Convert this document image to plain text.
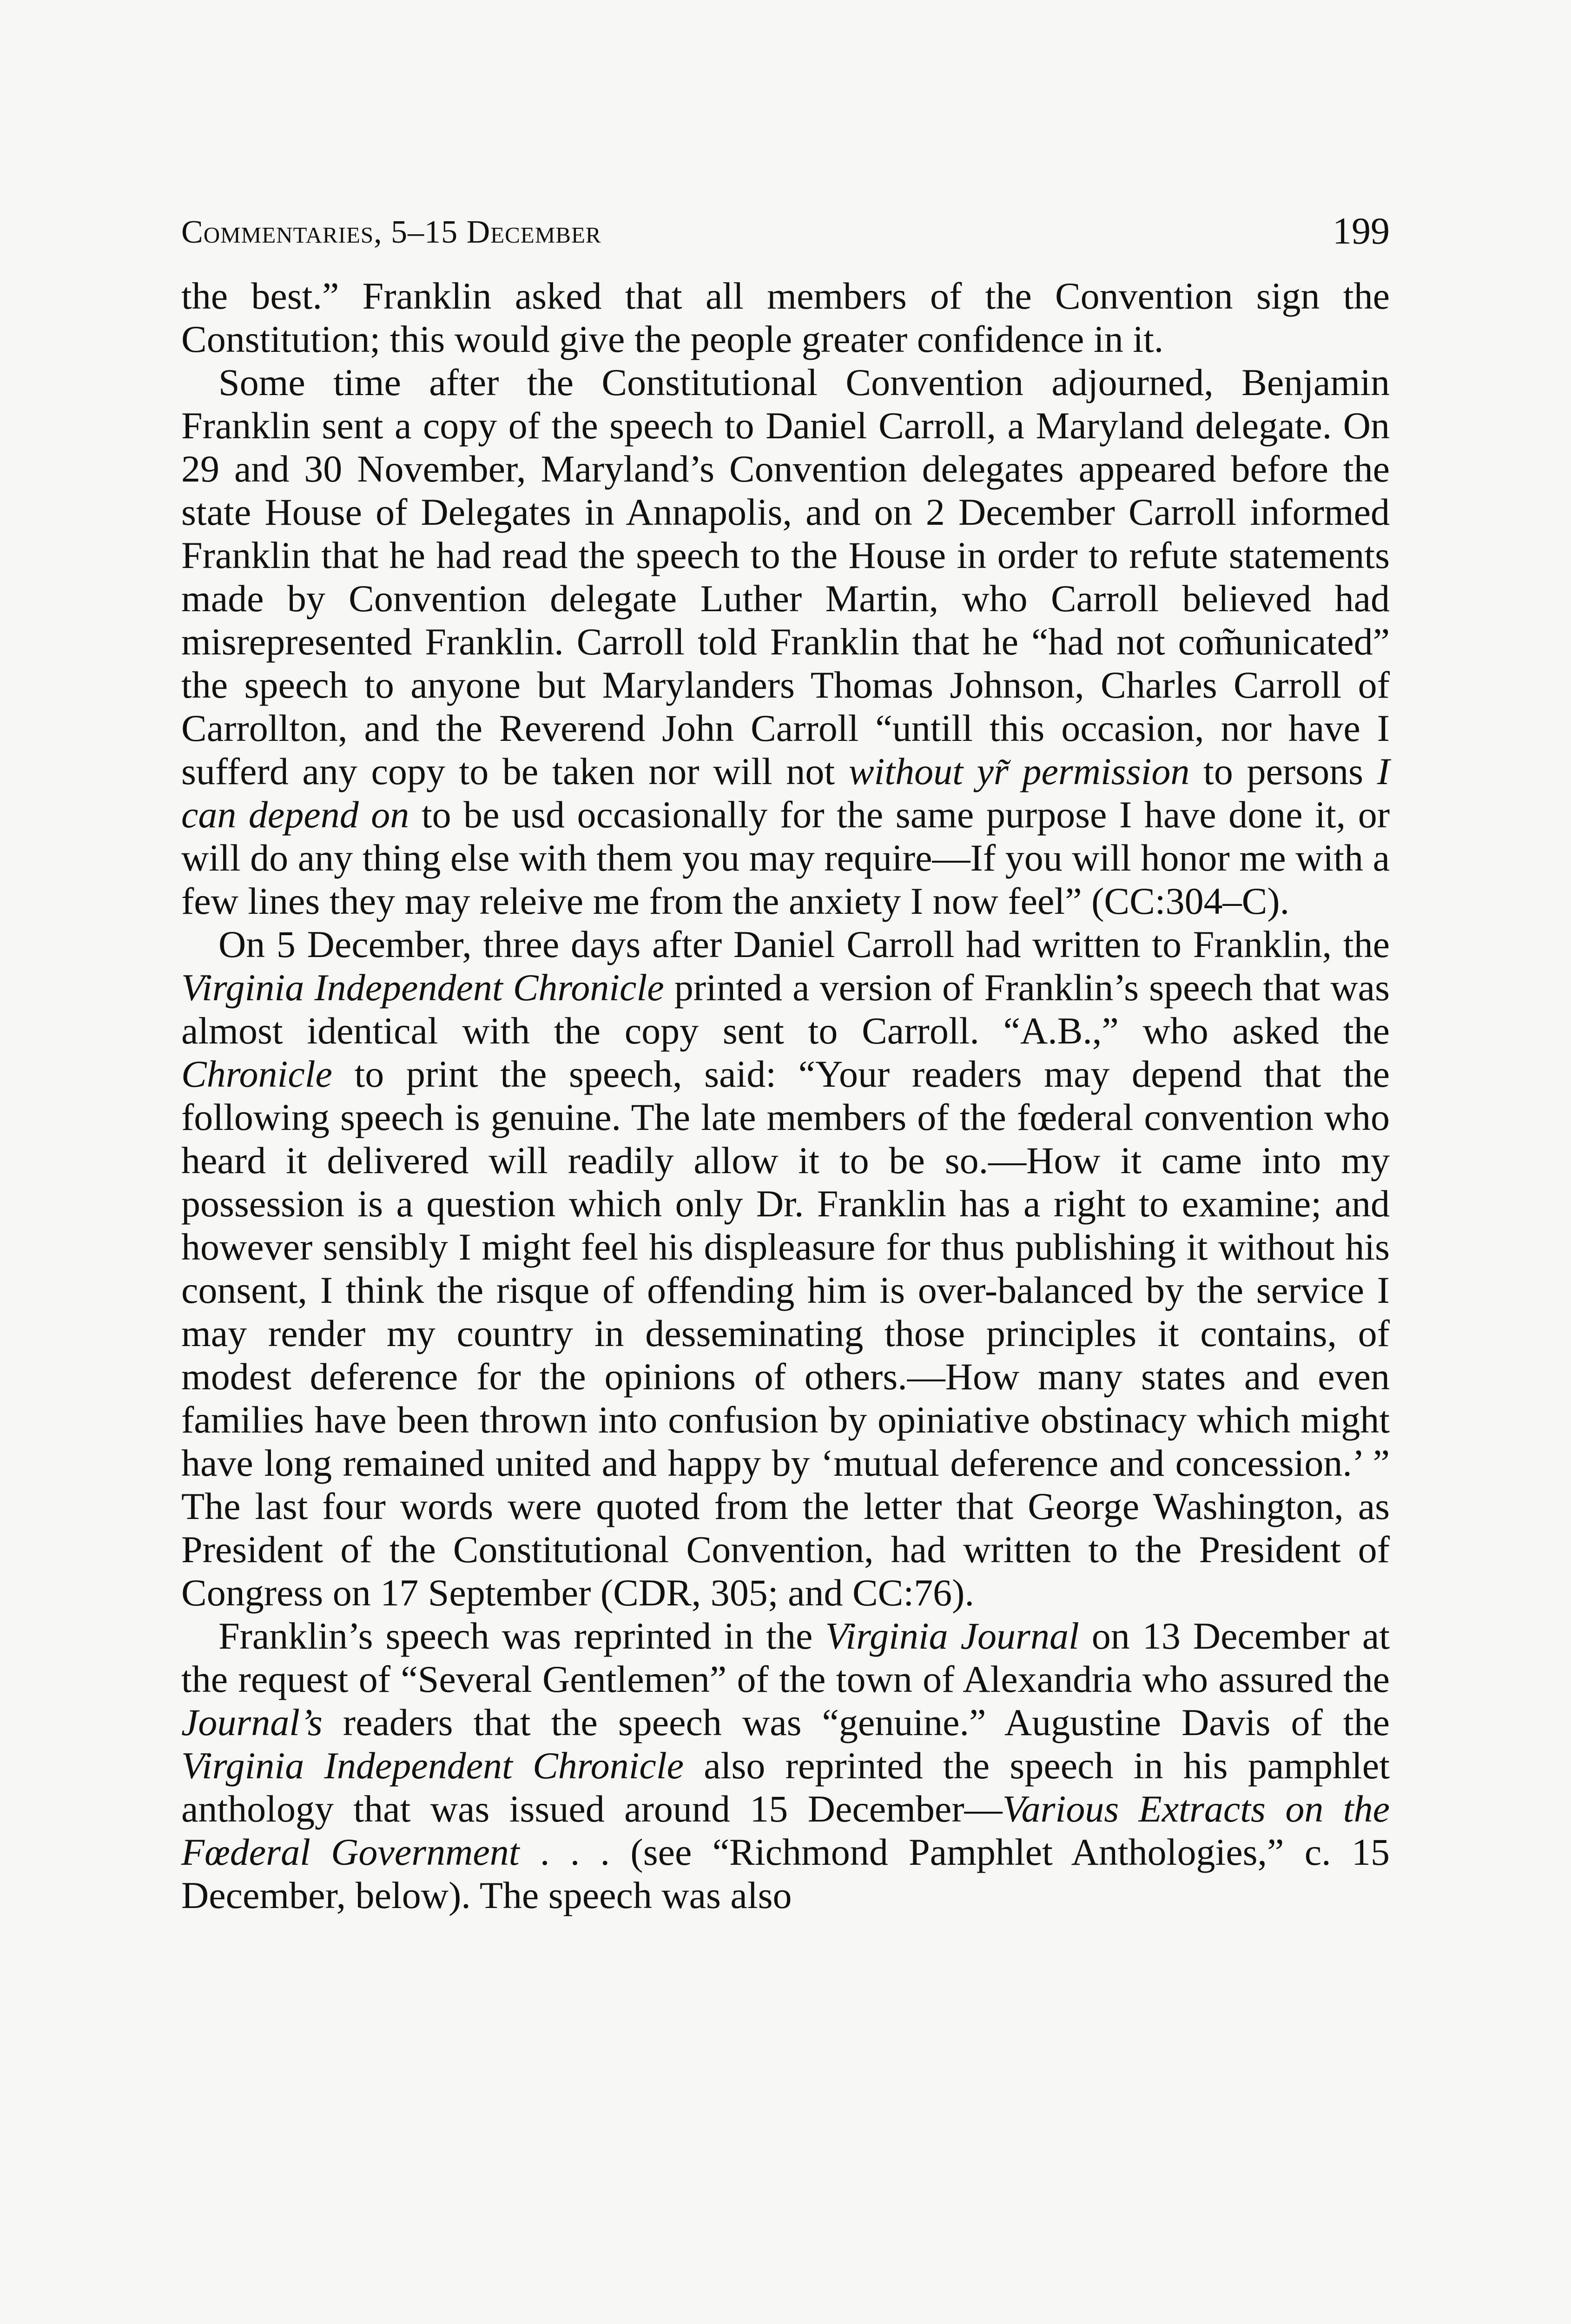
Commentaries, 5–15 December	199

the best.” Franklin asked that all members of the Convention sign the Constitution; this would give the people greater confidence in it.

Some time after the Constitutional Convention adjourned, Benjamin Franklin sent a copy of the speech to Daniel Carroll, a Maryland delegate. On 29 and 30 November, Maryland’s Convention delegates appeared before the state House of Delegates in Annapolis, and on 2 December Carroll informed Franklin that he had read the speech to the House in order to refute statements made by Convention delegate Luther Martin, who Carroll believed had misrepresented Franklin. Carroll told Franklin that he “had not com̃unicated” the speech to anyone but Marylanders Thomas Johnson, Charles Carroll of Carrollton, and the Reverend John Carroll “untill this occasion, nor have I sufferd any copy to be taken nor will not without yr̃ permission to persons I can depend on to be usd occasionally for the same purpose I have done it, or will do any thing else with them you may require—If you will honor me with a few lines they may releive me from the anxiety I now feel” (CC:304–C).

On 5 December, three days after Daniel Carroll had written to Franklin, the Virginia Independent Chronicle printed a version of Franklin’s speech that was almost identical with the copy sent to Carroll. “A.B.,” who asked the Chronicle to print the speech, said: “Your readers may depend that the following speech is genuine. The late members of the fœderal convention who heard it delivered will readily allow it to be so.—How it came into my possession is a question which only Dr. Franklin has a right to examine; and however sensibly I might feel his displeasure for thus publishing it without his consent, I think the risque of offending him is over-balanced by the service I may render my country in desseminating those principles it contains, of modest deference for the opinions of others.—How many states and even families have been thrown into confusion by opiniative obstinacy which might have long remained united and happy by ‘mutual deference and concession.’ ” The last four words were quoted from the letter that George Washington, as President of the Constitutional Convention, had written to the President of Congress on 17 September (CDR, 305; and CC:76).

Franklin’s speech was reprinted in the Virginia Journal on 13 December at the request of “Several Gentlemen” of the town of Alexandria who assured the Journal’s readers that the speech was “genuine.” Augustine Davis of the Virginia Independent Chronicle also reprinted the speech in his pamphlet anthology that was issued around 15 December—Various Extracts on the Fœderal Government . . . (see “Richmond Pamphlet Anthologies,” c. 15 December, below). The speech was also
